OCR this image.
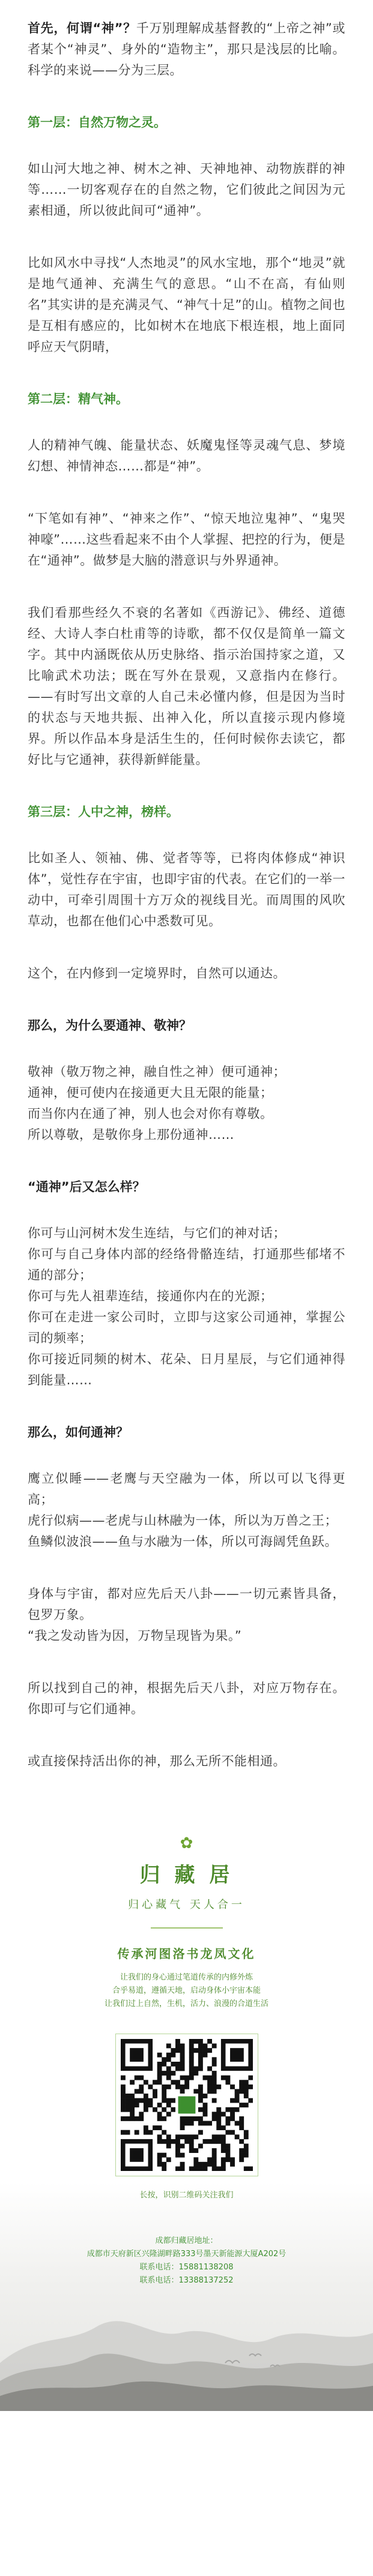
首先，何谓“神”？千万别理解成基督教的“上帝之神”或者某个“神灵”、身外的“造物主”，那只是浅层的比喻。科学的来说——分为三层。

第一层：自然万物之灵。

如山河大地之神、树木之神、天神地神、动物族群的神等……一切客观存在的自然之物，它们彼此之间因为元素相通，所以彼此间可“通神”。

比如风水中寻找“人杰地灵”的风水宝地，那个“地灵”就是地气通神、充满生气的意思。“山不在高，有仙则名”其实讲的是充满灵气、“神气十足”的山。植物之间也是互相有感应的，比如树木在地底下根连根，地上面同呼应天气阴晴，

第二层：精气神。

人的精神气魄、能量状态、妖魔鬼怪等灵魂气息、梦境幻想、神情神态……都是“神”。

“下笔如有神”、“神来之作”、“惊天地泣鬼神”、“鬼哭神嚎”……这些看起来不由个人掌握、把控的行为，便是在“通神”。做梦是大脑的潜意识与外界通神。

我们看那些经久不衰的名著如《西游记》、佛经、道德经、大诗人李白杜甫等的诗歌，都不仅仅是简单一篇文字。其中内涵既依从历史脉络、指示治国持家之道，又比喻武术功法；既在写外在景观，又意指内在修行。——有时写出文章的人自己未必懂内修，但是因为当时的状态与天地共振、出神入化，所以直接示现内修境界。所以作品本身是活生生的，任何时候你去读它，都好比与它通神，获得新鲜能量。

第三层：人中之神，榜样。

比如圣人、领袖、佛、觉者等等，已将肉体修成“神识体”，觉性存在宇宙，也即宇宙的代表。在它们的一举一动中，可牵引周围十方万众的视线目光。而周围的风吹草动，也都在他们心中悉数可见。

这个，在内修到一定境界时，自然可以通达。

那么，为什么要通神、敬神？

敬神（敬万物之神，融自性之神）便可通神；
通神，便可使内在接通更大且无限的能量；
而当你内在通了神，别人也会对你有尊敬。
所以尊敬，是敬你身上那份通神……

“通神”后又怎么样？

你可与山河树木发生连结，与它们的神对话；
你可与自己身体内部的经络骨骼连结，打通那些郁堵不通的部分；
你可与先人祖辈连结，接通你内在的光源；
你可在走进一家公司时，立即与这家公司通神，掌握公司的频率；
你可接近同频的树木、花朵、日月星辰，与它们通神得到能量……

那么，如何通神？

鹰立似睡——老鹰与天空融为一体，所以可以飞得更高；
虎行似病——老虎与山林融为一体，所以为万兽之王；
鱼鳞似波浪——鱼与水融为一体，所以可海阔凭鱼跃。

身体与宇宙，都对应先后天八卦——一切元素皆具备，包罗万象。
“我之发动皆为因，万物呈现皆为果。”

所以找到自己的神，根据先后天八卦，对应万物存在。你即可与它们通神。

或直接保持活出你的神，那么无所不能相通。

✿
归 藏 居
归心藏气 天人合一
传承河图洛书龙凤文化
让我们的身心通过笔道传承的内修外炼
合乎易道，遵循天地，启动身体小宇宙本能
让我们过上自然，生机，活力、浪漫的合道生活
长按，识别二维码关注我们
成都归藏居地址：
成都市天府新区兴隆湖畔路333号墨天新能源大厦A202号
联系电话：15881138208
联系电话：13388137252
